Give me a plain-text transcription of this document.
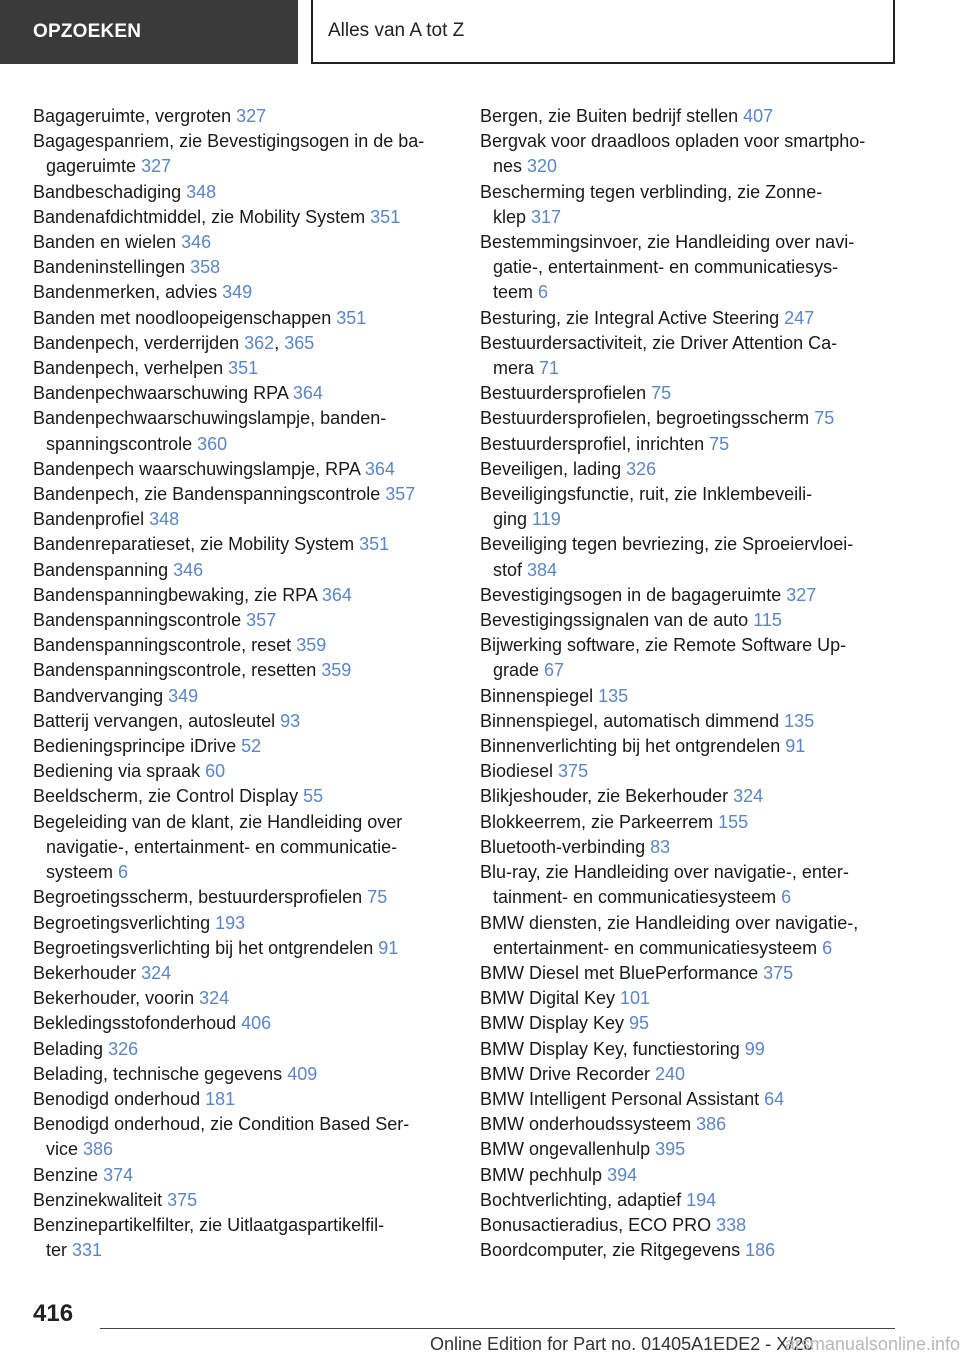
OPZOEKEN	Alles van A tot Z
Bagageruimte, vergroten 327
Bagagespanriem, zie Bevestigingsogen in de ba‐
gageruimte 327
Bandbeschadiging 348
Bandenafdichtmiddel, zie Mobility System 351
Banden en wielen 346
Bandeninstellingen 358
Bandenmerken, advies 349
Banden met noodloopeigenschappen 351
Bandenpech, verderrijden 362, 365
Bandenpech, verhelpen 351
Bandenpechwaarschuwing RPA 364
Bandenpechwaarschuwingslampje, banden‐
spanningscontrole 360
Bandenpech waarschuwingslampje, RPA 364
Bandenpech, zie Bandenspanningscontrole 357
Bandenprofiel 348
Bandenreparatieset, zie Mobility System 351
Bandenspanning 346
Bandenspanningbewaking, zie RPA 364
Bandenspanningscontrole 357
Bandenspanningscontrole, reset 359
Bandenspanningscontrole, resetten 359
Bandvervanging 349
Batterij vervangen, autosleutel 93
Bedieningsprincipe iDrive 52
Bediening via spraak 60
Beeldscherm, zie Control Display 55
Begeleiding van de klant, zie Handleiding over
navigatie-, entertainment- en communicatie‐
systeem 6
Begroetingsscherm, bestuurdersprofielen 75
Begroetingsverlichting 193
Begroetingsverlichting bij het ontgrendelen 91
Bekerhouder 324
Bekerhouder, voorin 324
Bekledingsstofonderhoud 406
Belading 326
Belading, technische gegevens 409
Benodigd onderhoud 181
Benodigd onderhoud, zie Condition Based Ser‐
vice 386
Benzine 374
Benzinekwaliteit 375
Benzinepartikelfilter, zie Uitlaatgaspartikelfil‐
ter 331
Bergen, zie Buiten bedrijf stellen 407
Bergvak voor draadloos opladen voor smartpho‐
nes 320
Bescherming tegen verblinding, zie Zonne‐
klep 317
Bestemmingsinvoer, zie Handleiding over navi‐
gatie-, entertainment- en communicatiesys‐
teem 6
Besturing, zie Integral Active Steering 247
Bestuurdersactiviteit, zie Driver Attention Ca‐
mera 71
Bestuurdersprofielen 75
Bestuurdersprofielen, begroetingsscherm 75
Bestuurdersprofiel, inrichten 75
Beveiligen, lading 326
Beveiligingsfunctie, ruit, zie Inklembeveili‐
ging 119
Beveiliging tegen bevriezing, zie Sproeiervloei‐
stof 384
Bevestigingsogen in de bagageruimte 327
Bevestigingssignalen van de auto 115
Bijwerking software, zie Remote Software Up‐
grade 67
Binnenspiegel 135
Binnenspiegel, automatisch dimmend 135
Binnenverlichting bij het ontgrendelen 91
Biodiesel 375
Blikjeshouder, zie Bekerhouder 324
Blokkeerrem, zie Parkeerrem 155
Bluetooth-verbinding 83
Blu-ray, zie Handleiding over navigatie-, enter‐
tainment- en communicatiesysteem 6
BMW diensten, zie Handleiding over navigatie-,
entertainment- en communicatiesysteem 6
BMW Diesel met BluePerformance 375
BMW Digital Key 101
BMW Display Key 95
BMW Display Key, functiestoring 99
BMW Drive Recorder 240
BMW Intelligent Personal Assistant 64
BMW onderhoudssysteem 386
BMW ongevallenhulp 395
BMW pechhulp 394
Bochtverlichting, adaptief 194
Bonusactieradius, ECO PRO 338
Boordcomputer, zie Ritgegevens 186
416
Online Edition for Part no. 01405A1EDE2 - X/20
arsmanualsonline.info
